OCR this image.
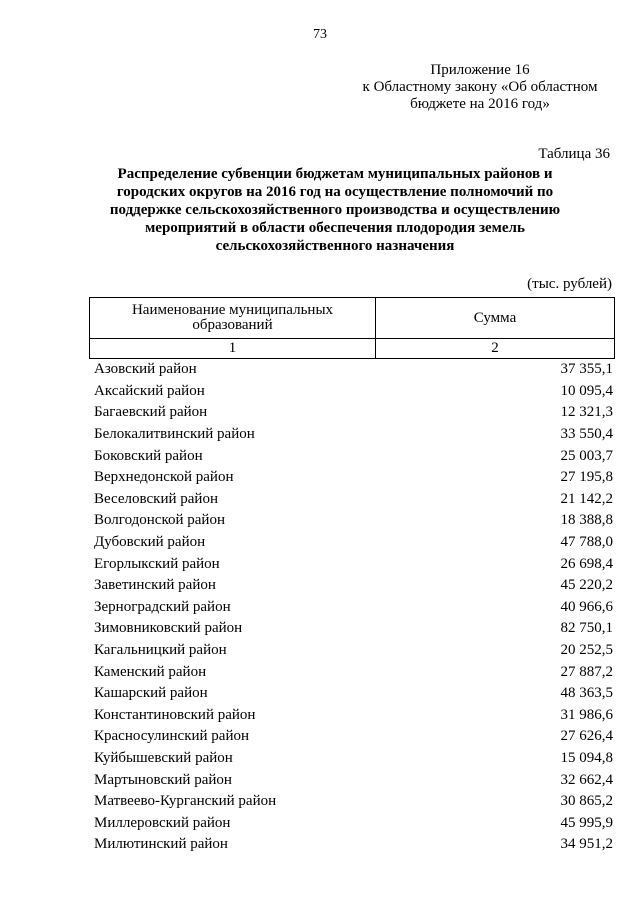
73
Приложение 16
к Областному закону «Об областном
бюджете на 2016 год»
Таблица 36
Распределение субвенции бюджетам муниципальных районов и городских округов на 2016 год на осуществление полномочий по поддержке сельскохозяйственного производства и осуществлению мероприятий в области обеспечения плодородия земель сельскохозяйственного назначения
(тыс. рублей)
Наименование муниципальных образований	Сумма
1	2
Азовский район	37 355,1
Аксайский район	10 095,4
Багаевский район	12 321,3
Белокалитвинский район	33 550,4
Боковский район	25 003,7
Верхнедонской район	27 195,8
Веселовский район	21 142,2
Волгодонской район	18 388,8
Дубовский район	47 788,0
Егорлыкский район	26 698,4
Заветинский район	45 220,2
Зерноградский район	40 966,6
Зимовниковский район	82 750,1
Кагальницкий район	20 252,5
Каменский район	27 887,2
Кашарский район	48 363,5
Константиновский район	31 986,6
Красносулинский район	27 626,4
Куйбышевский район	15 094,8
Мартыновский район	32 662,4
Матвеево-Курганский район	30 865,2
Миллеровский район	45 995,9
Милютинский район	34 951,2
